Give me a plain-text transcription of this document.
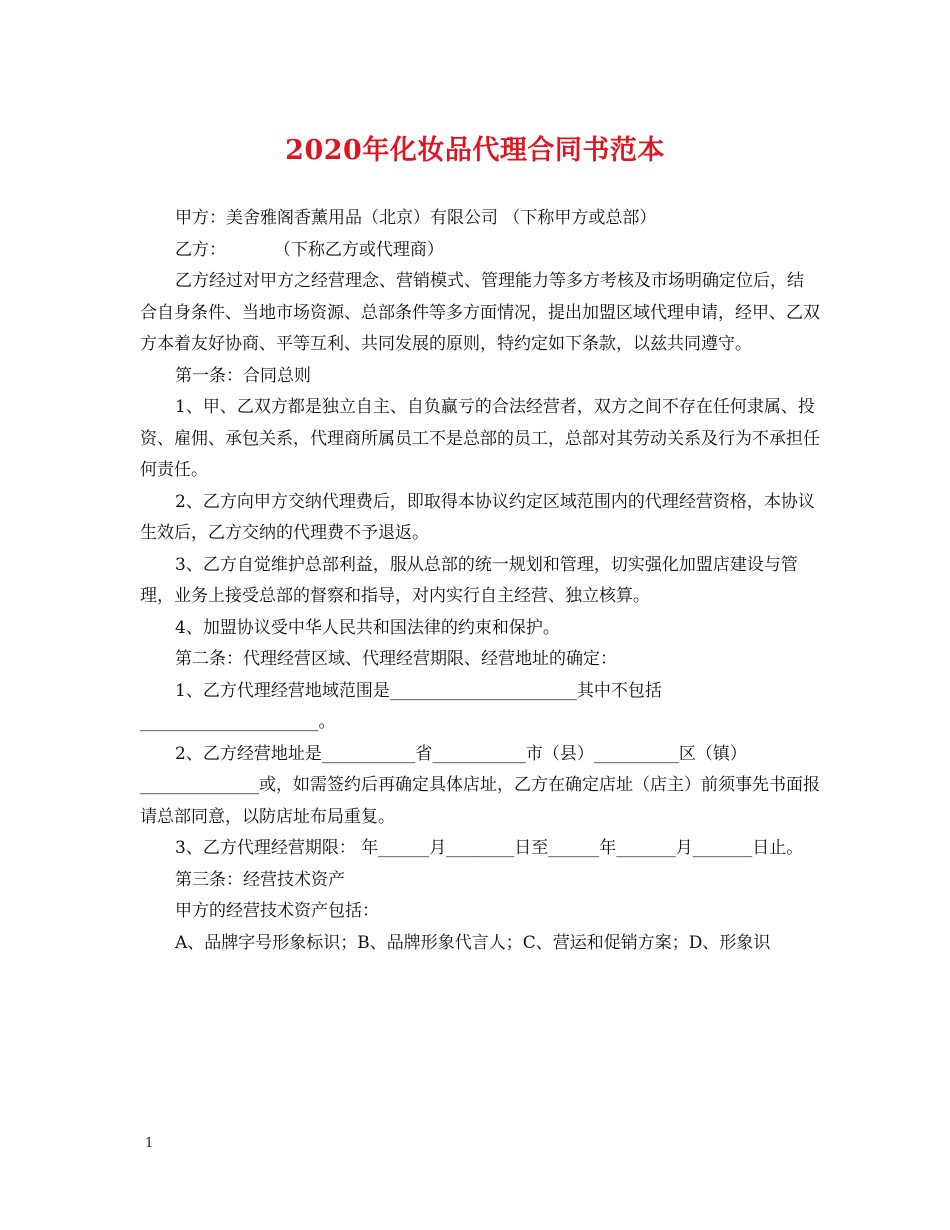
2020年化妆品代理合同书范本

甲方：美舍雅阁香薰用品（北京）有限公司 （下称甲方或总部）

乙方：　　　 （下称乙方或代理商）

乙方经过对甲方之经营理念、营销模式、管理能力等多方考核及市场明确定位后，结合自身条件、当地市场资源、总部条件等多方面情况，提出加盟区域代理申请，经甲、乙双方本着友好协商、平等互利、共同发展的原则，特约定如下条款，以兹共同遵守。

第一条：合同总则

1、甲、乙双方都是独立自主、自负赢亏的合法经营者，双方之间不存在任何隶属、投资、雇佣、承包关系，代理商所属员工不是总部的员工，总部对其劳动关系及行为不承担任何责任。

2、乙方向甲方交纳代理费后，即取得本协议约定区域范围内的代理经营资格，本协议生效后，乙方交纳的代理费不予退返。

3、乙方自觉维护总部利益，服从总部的统一规划和管理，切实强化加盟店建设与管理，业务上接受总部的督察和指导，对内实行自主经营、独立核算。

4、加盟协议受中华人民共和国法律的约束和保护。

第二条：代理经营区域、代理经营期限、经营地址的确定：

1、乙方代理经营地域范围是______________________其中不包括_____________________。

2、乙方经营地址是___________省___________市（县）__________区（镇）______________或，如需签约后再确定具体店址，乙方在确定店址（店主）前须事先书面报请总部同意，以防店址布局重复。

3、乙方代理经营期限： 年______月________日至______年_______月_______日止。

第三条：经营技术资产

甲方的经营技术资产包括：

A、品牌字号形象标识；B、品牌形象代言人；C、营运和促销方案；D、形象识

1
